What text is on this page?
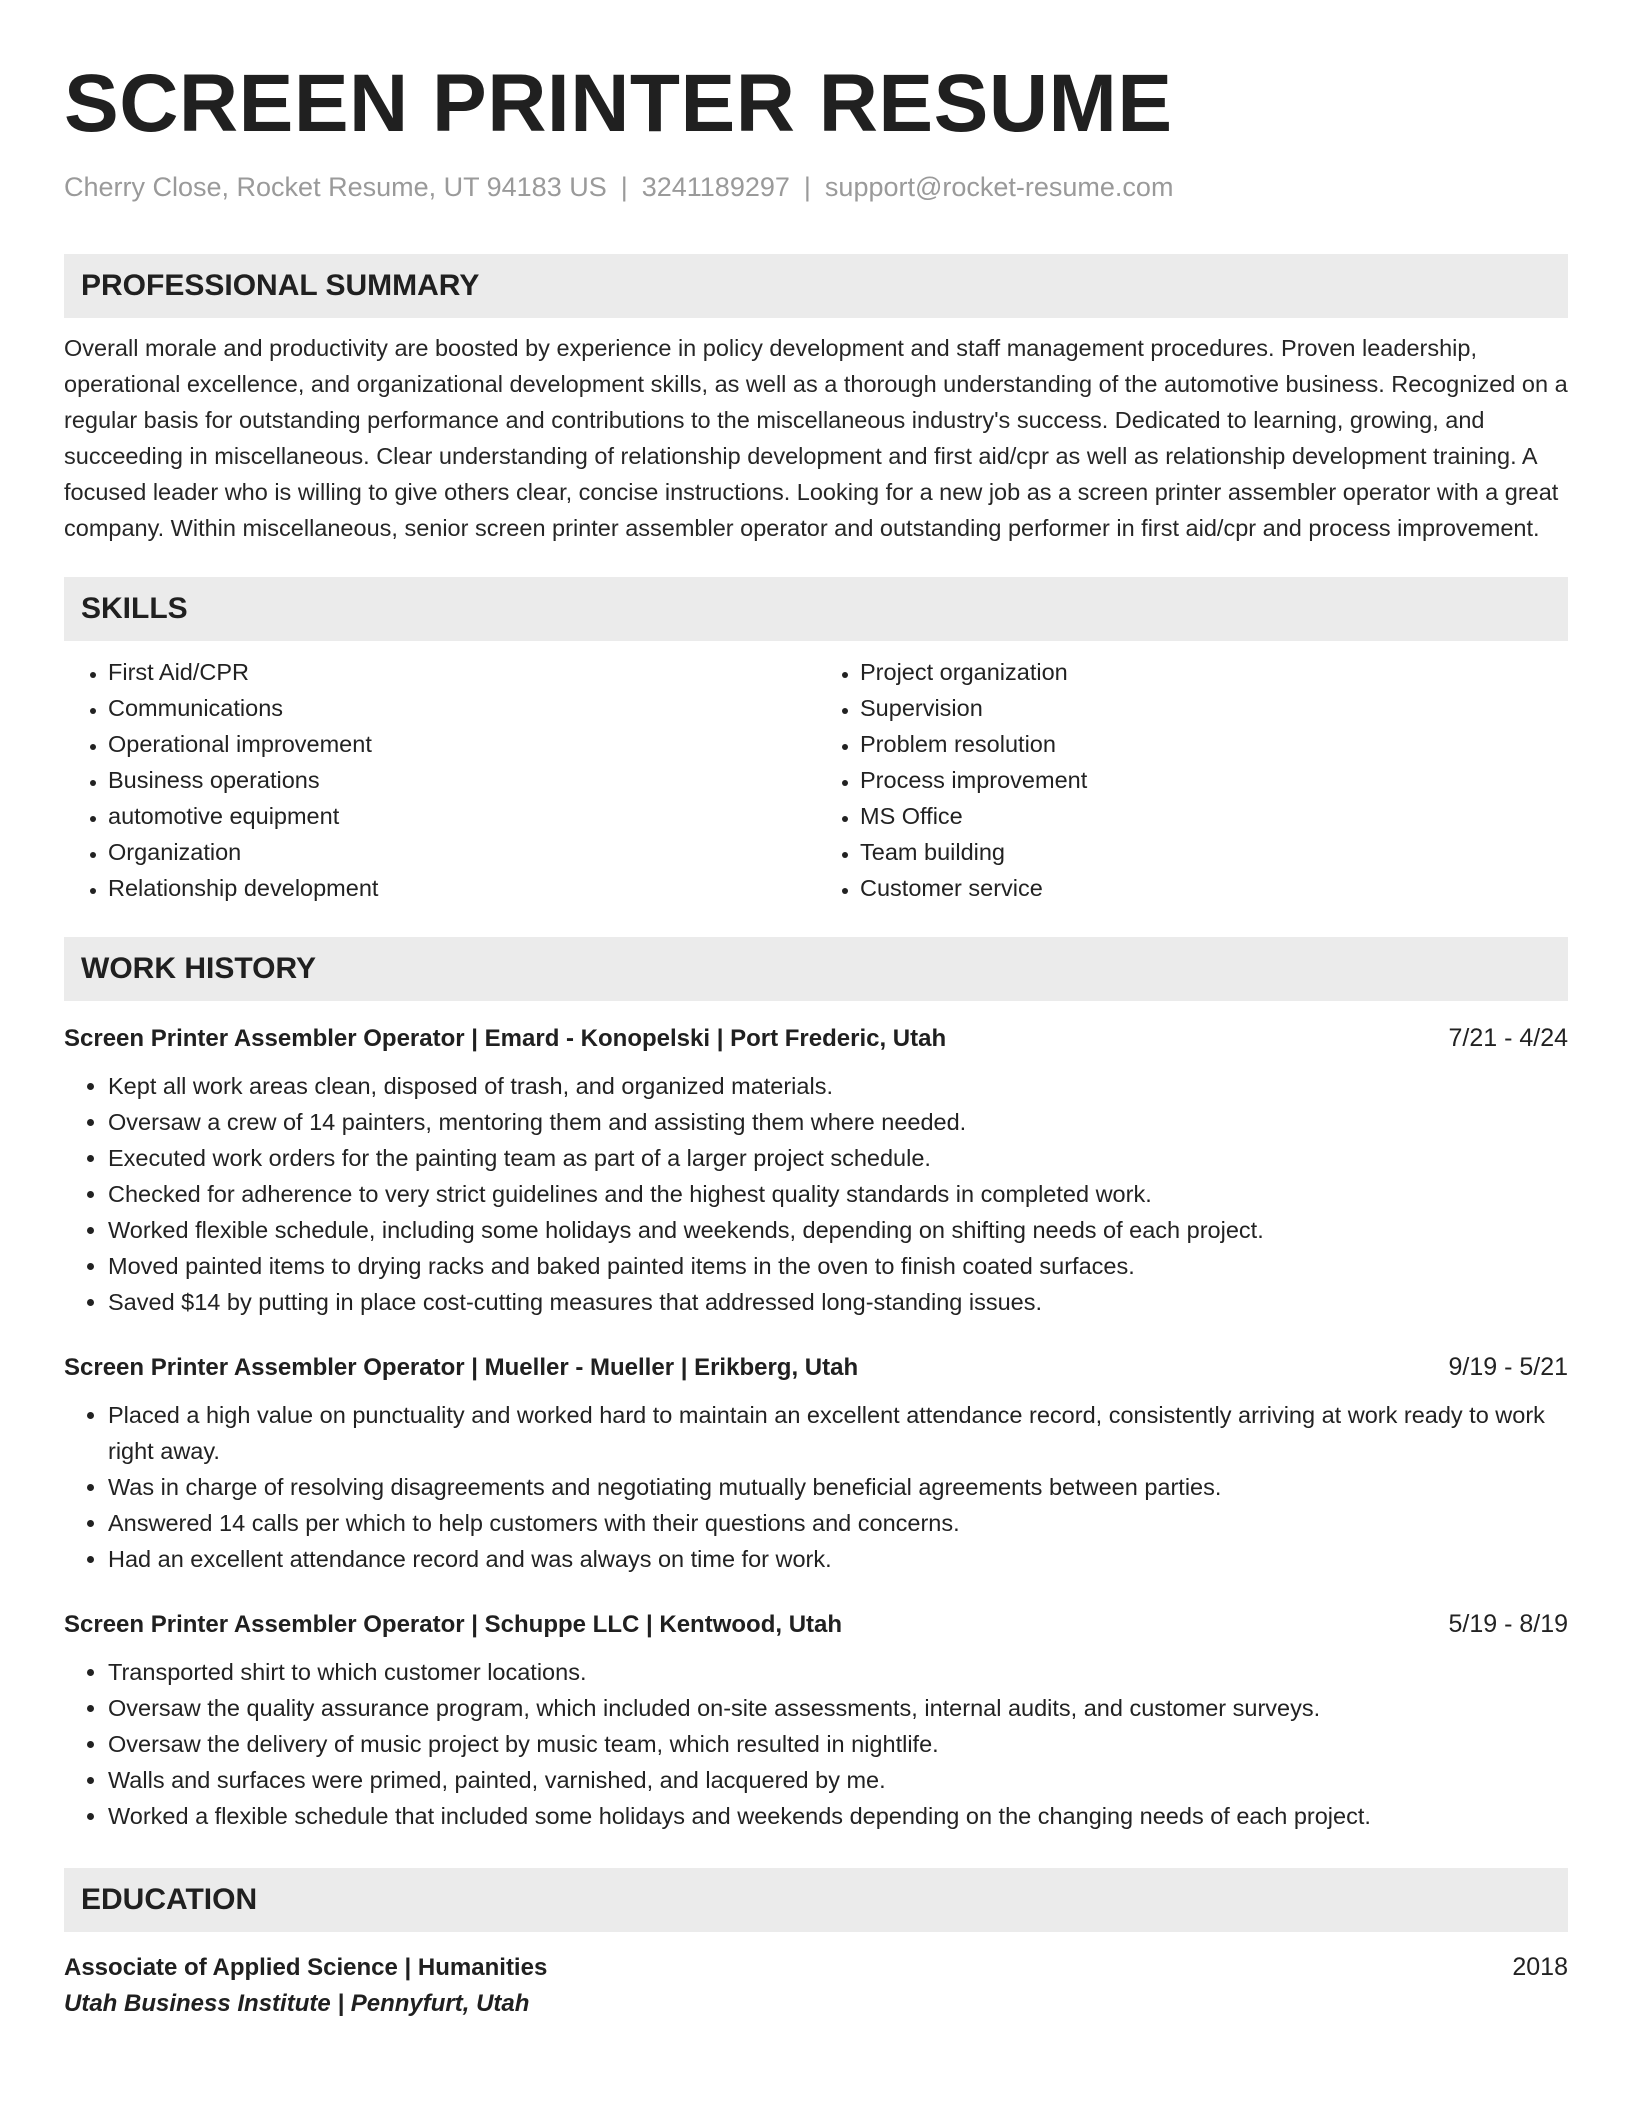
SCREEN PRINTER RESUME
Cherry Close, Rocket Resume, UT 94183 US | 3241189297 | support@rocket-resume.com
PROFESSIONAL SUMMARY

Overall morale and productivity are boosted by experience in policy development and staff management procedures. Proven leadership, operational excellence, and organizational development skills, as well as a thorough understanding of the automotive business. Recognized on a regular basis for outstanding performance and contributions to the miscellaneous industry's success. Dedicated to learning, growing, and succeeding in miscellaneous. Clear understanding of relationship development and first aid/cpr as well as relationship development training. A focused leader who is willing to give others clear, concise instructions. Looking for a new job as a screen printer assembler operator with a great company. Within miscellaneous, senior screen printer assembler operator and outstanding performer in first aid/cpr and process improvement.

SKILLS
• First Aid/CPR
• Communications
• Operational improvement
• Business operations
• automotive equipment
• Organization
• Relationship development
• Project organization
• Supervision
• Problem resolution
• Process improvement
• MS Office
• Team building
• Customer service
WORK HISTORY
Screen Printer Assembler Operator | Emard - Konopelski | Port Frederic, Utah	7/21 - 4/24
• Kept all work areas clean, disposed of trash, and organized materials.
• Oversaw a crew of 14 painters, mentoring them and assisting them where needed.
• Executed work orders for the painting team as part of a larger project schedule.
• Checked for adherence to very strict guidelines and the highest quality standards in completed work.
• Worked flexible schedule, including some holidays and weekends, depending on shifting needs of each project.
• Moved painted items to drying racks and baked painted items in the oven to finish coated surfaces.
• Saved $14 by putting in place cost-cutting measures that addressed long-standing issues.
Screen Printer Assembler Operator | Mueller - Mueller | Erikberg, Utah	9/19 - 5/21
• Placed a high value on punctuality and worked hard to maintain an excellent attendance record, consistently arriving at work ready to work right away.
• Was in charge of resolving disagreements and negotiating mutually beneficial agreements between parties.
• Answered 14 calls per which to help customers with their questions and concerns.
• Had an excellent attendance record and was always on time for work.
Screen Printer Assembler Operator | Schuppe LLC | Kentwood, Utah	5/19 - 8/19
• Transported shirt to which customer locations.
• Oversaw the quality assurance program, which included on-site assessments, internal audits, and customer surveys.
• Oversaw the delivery of music project by music team, which resulted in nightlife.
• Walls and surfaces were primed, painted, varnished, and lacquered by me.
• Worked a flexible schedule that included some holidays and weekends depending on the changing needs of each project.
EDUCATION
Associate of Applied Science | Humanities	2018
Utah Business Institute | Pennyfurt, Utah
